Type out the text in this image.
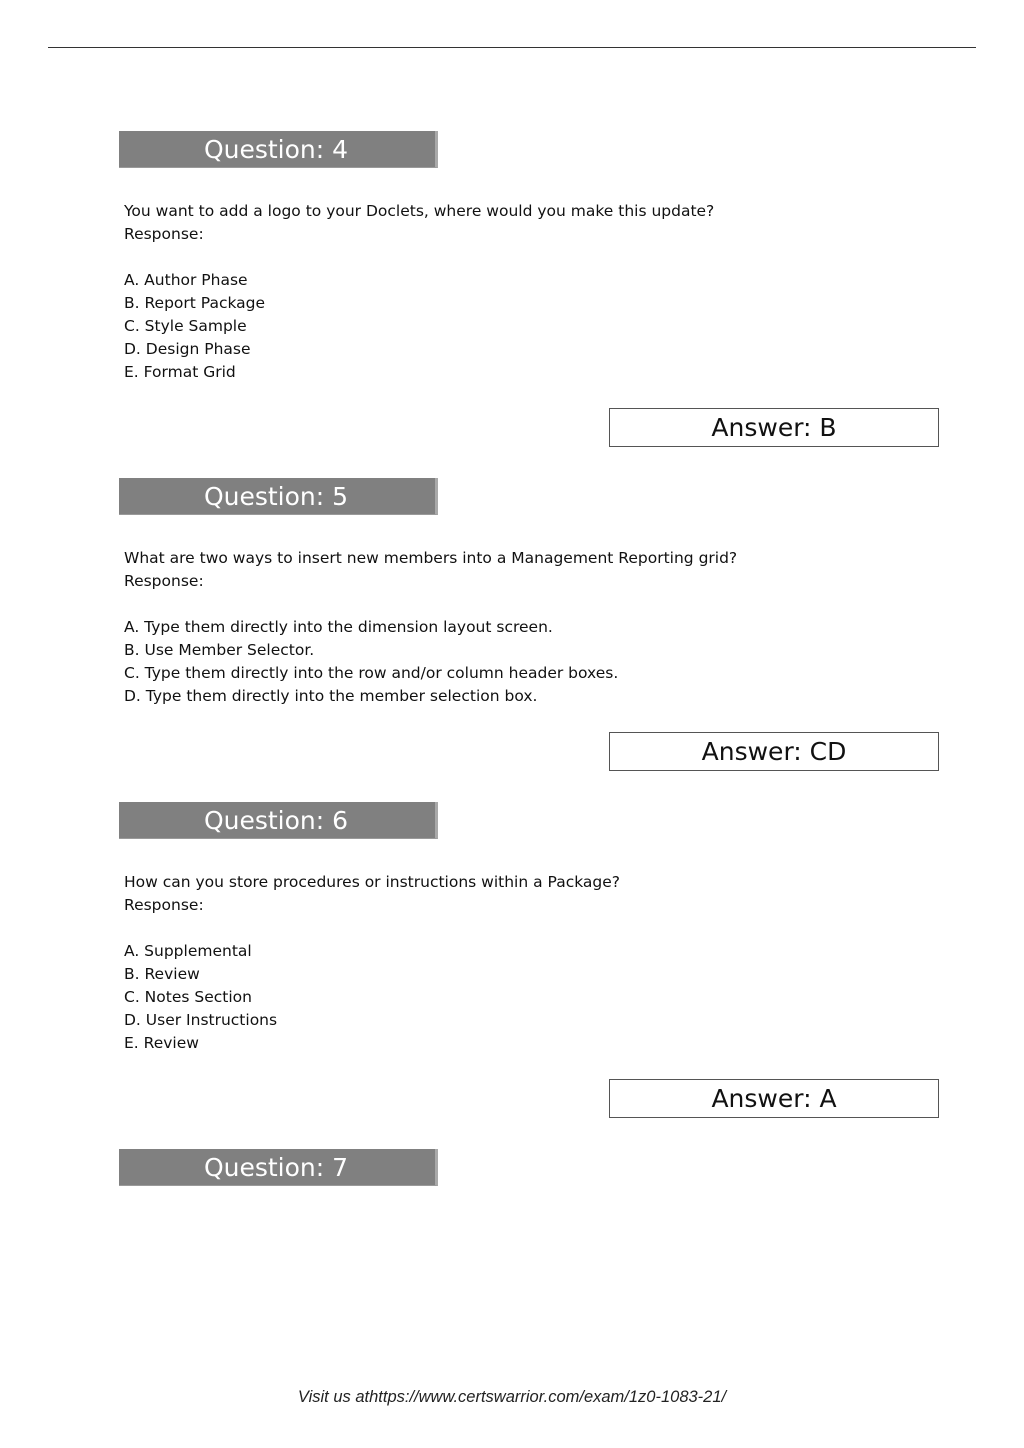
Question: 4
You want to add a logo to your Doclets, where would you make this update?
Response:
A. Author Phase
B. Report Package
C. Style Sample
D. Design Phase
E. Format Grid
Answer: B
Question: 5
What are two ways to insert new members into a Management Reporting grid?
Response:
A. Type them directly into the dimension layout screen.
B. Use Member Selector.
C. Type them directly into the row and/or column header boxes.
D. Type them directly into the member selection box.
Answer: CD
Question: 6
How can you store procedures or instructions within a Package?
Response:
A. Supplemental
B. Review
C. Notes Section
D. User Instructions
E. Review
Answer: A
Question: 7
Visit us athttps://www.certswarrior.com/exam/1z0-1083-21/
